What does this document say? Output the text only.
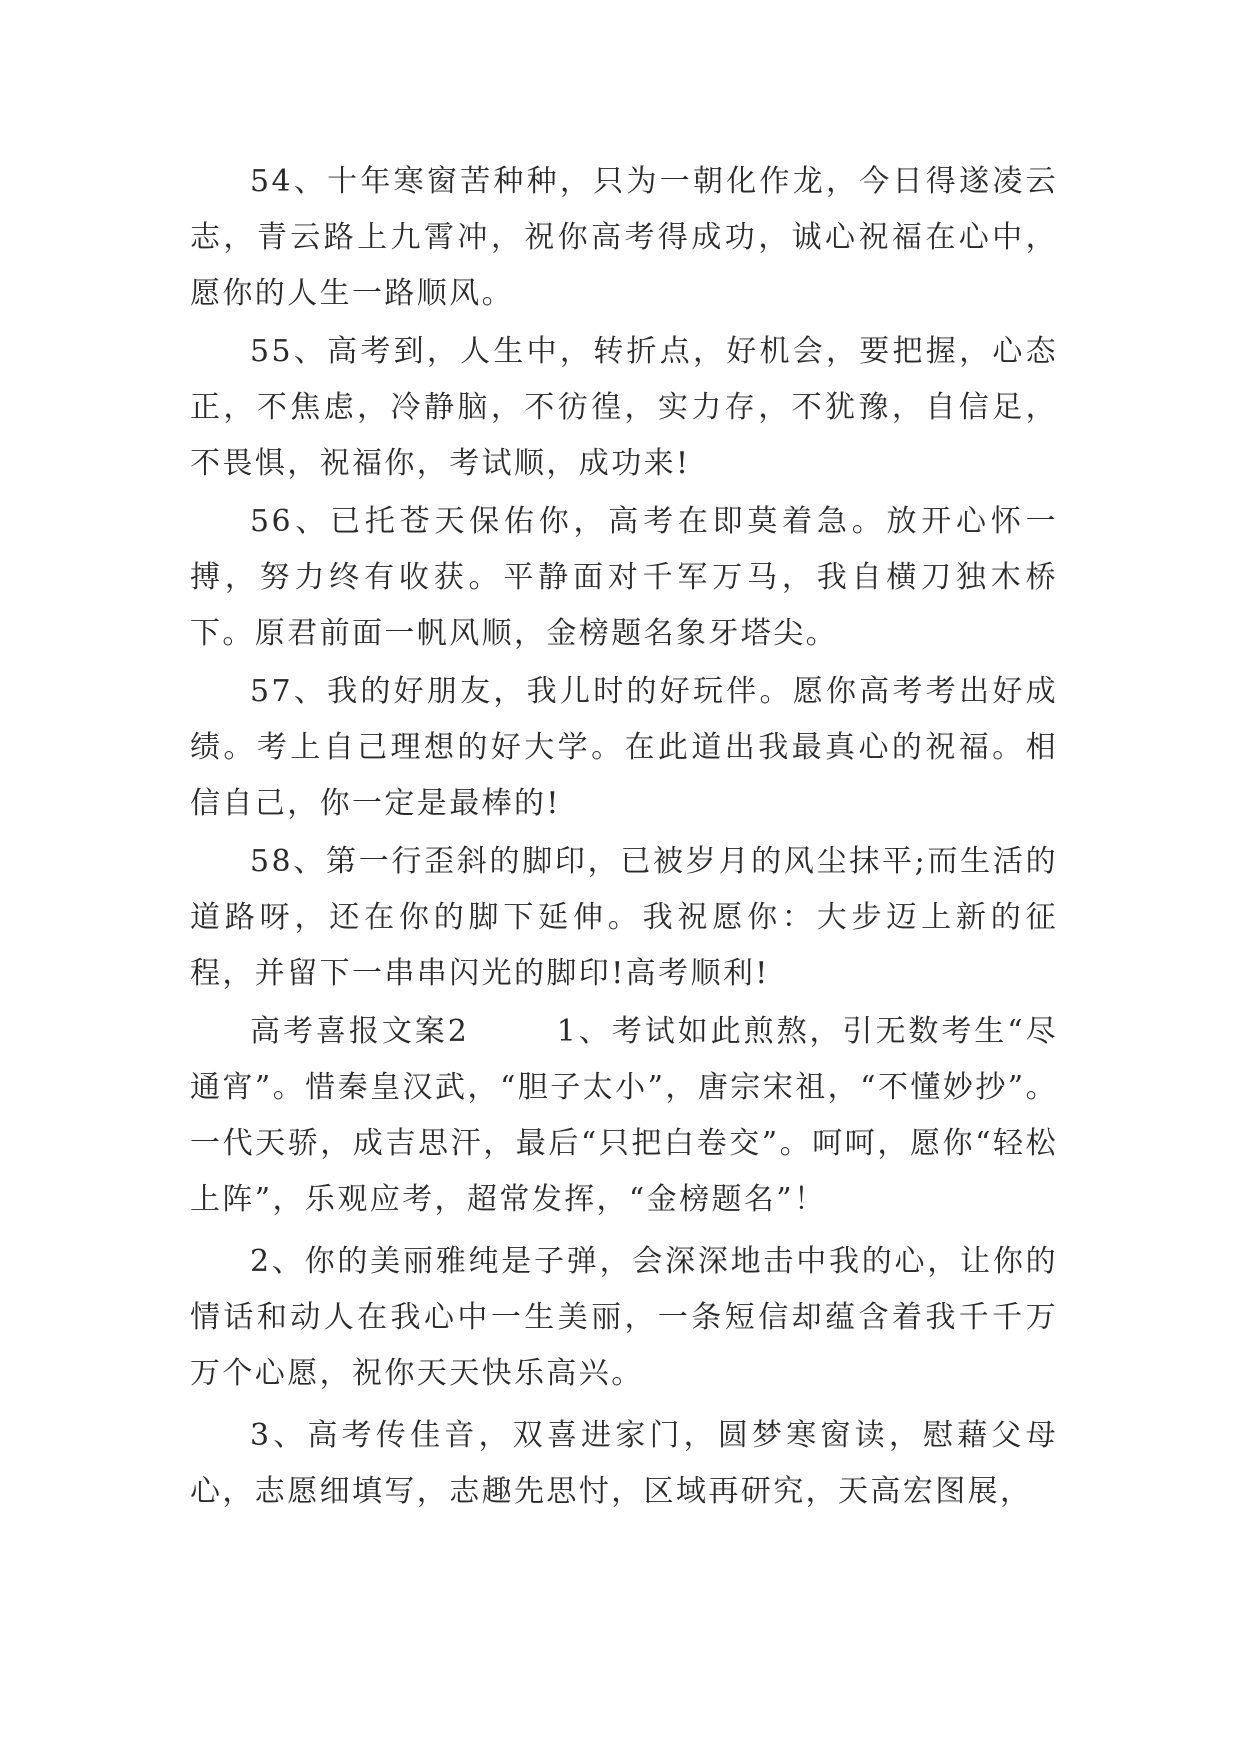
54、十年寒窗苦种种，只为一朝化作龙，今日得遂凌云志，青云路上九霄冲，祝你高考得成功，诚心祝福在心中，愿你的人生一路顺风。

55、高考到，人生中，转折点，好机会，要把握，心态正，不焦虑，冷静脑，不彷徨，实力存，不犹豫，自信足，不畏惧，祝福你，考试顺，成功来!

56、已托苍天保佑你，高考在即莫着急。放开心怀一搏，努力终有收获。平静面对千军万马，我自横刀独木桥下。原君前面一帆风顺，金榜题名象牙塔尖。

57、我的好朋友，我儿时的好玩伴。愿你高考考出好成绩。考上自己理想的好大学。在此道出我最真心的祝福。相信自己，你一定是最棒的!

58、第一行歪斜的脚印，已被岁月的风尘抹平;而生活的道路呀，还在你的脚下延伸。我祝愿你：大步迈上新的征程，并留下一串串闪光的脚印!高考顺利!

高考喜报文案2	1、考试如此煎熬，引无数考生“尽通宵”。惜秦皇汉武，“胆子太小”，唐宗宋祖，“不懂妙抄”。一代天骄，成吉思汗，最后“只把白卷交”。呵呵，愿你“轻松上阵”，乐观应考，超常发挥，“金榜题名”！

2、你的美丽雅纯是子弹，会深深地击中我的心，让你的情话和动人在我心中一生美丽，一条短信却蕴含着我千千万万个心愿，祝你天天快乐高兴。

3、高考传佳音，双喜进家门，圆梦寒窗读，慰藉父母心，志愿细填写，志趣先思忖，区域再研究，天高宏图展，
